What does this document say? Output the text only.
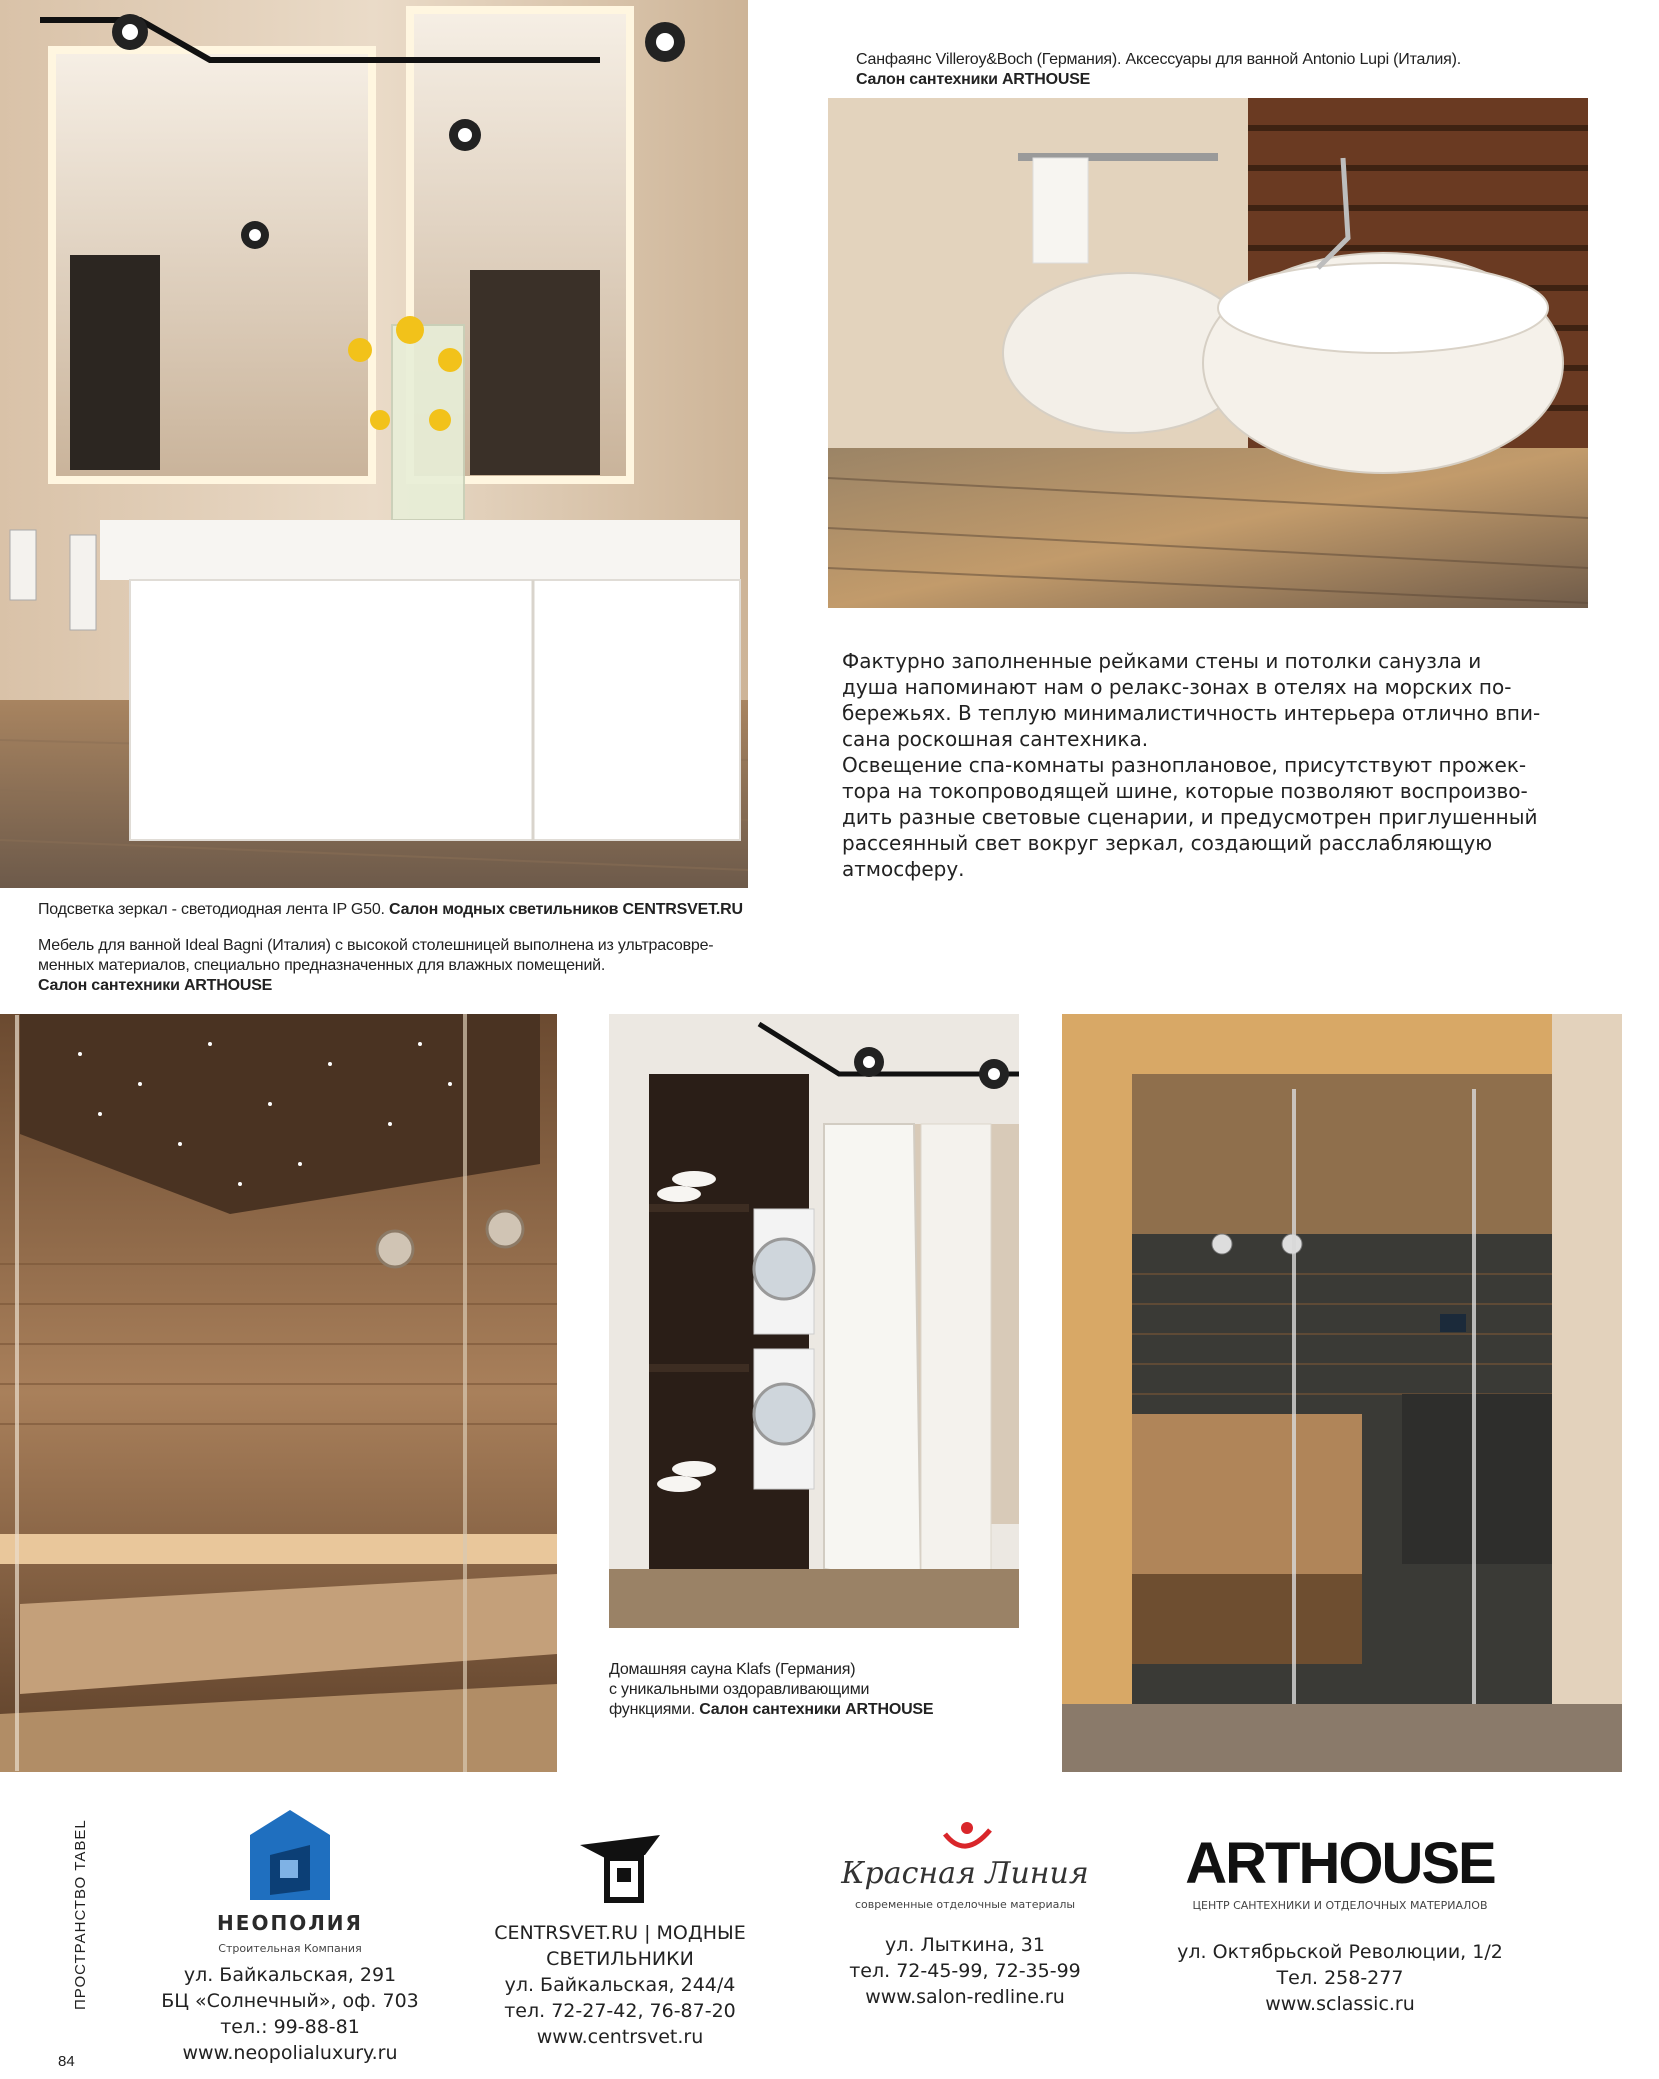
Санфаянс Villeroy&Boch (Германия). Аксессуары для ванной Antonio Lupi (Италия).
Салон сантехники ARTHOUSE

Фактурно заполненные рейками стены и потолки санузла и

душа напоминают нам о релакс-зонах в отелях на морских по-

бережьях. В теплую минималистичность интерьера отлично впи-

сана роскошная сантехника.

Освещение спа-комнаты разноплановое, присутствуют прожек-

тора на токопроводящей шине, которые позволяют воспроизво-

дить разные световые сценарии, и предусмотрен приглушенный

рассеянный свет вокруг зеркал, создающий расслабляющую

атмосферу.

Подсветка зеркал - светодиодная лента IP G50. Салон модных светильников CENTRSVET.RU
Мебель для ванной Ideal Bagni (Италия) с высокой столешницей выполнена из ультрасовре-
менных материалов, специально предназначенных для влажных помещений.
Салон сантехники ARTHOUSE
Домашняя сауна Klafs (Германия)
с уникальными оздоравливающими
функциями. Салон сантехники ARTHOUSE
ПРОСТРАНСТВО TABEL
84
НЕОПОЛИЯ
Строительная Компания
ул. Байкальская, 291
БЦ «Солнечный», оф. 703
тел.: 99-88-81
www.neopolialuxury.ru
CENTRSVET.RU | МОДНЫЕ
СВЕТИЛЬНИКИ
ул. Байкальская, 244/4
тел. 72-27-42, 76-87-20
www.centrsvet.ru
Красная Линия
современные отделочные материалы
ул. Лыткина, 31
тел. 72-45-99, 72-35-99
www.salon-redline.ru
ARTHOUSE
ЦЕНТР САНТЕХНИКИ И ОТДЕЛОЧНЫХ МАТЕРИАЛОВ
ул. Октябрьской Революции, 1/2
Тел. 258-277
www.sclassic.ru
